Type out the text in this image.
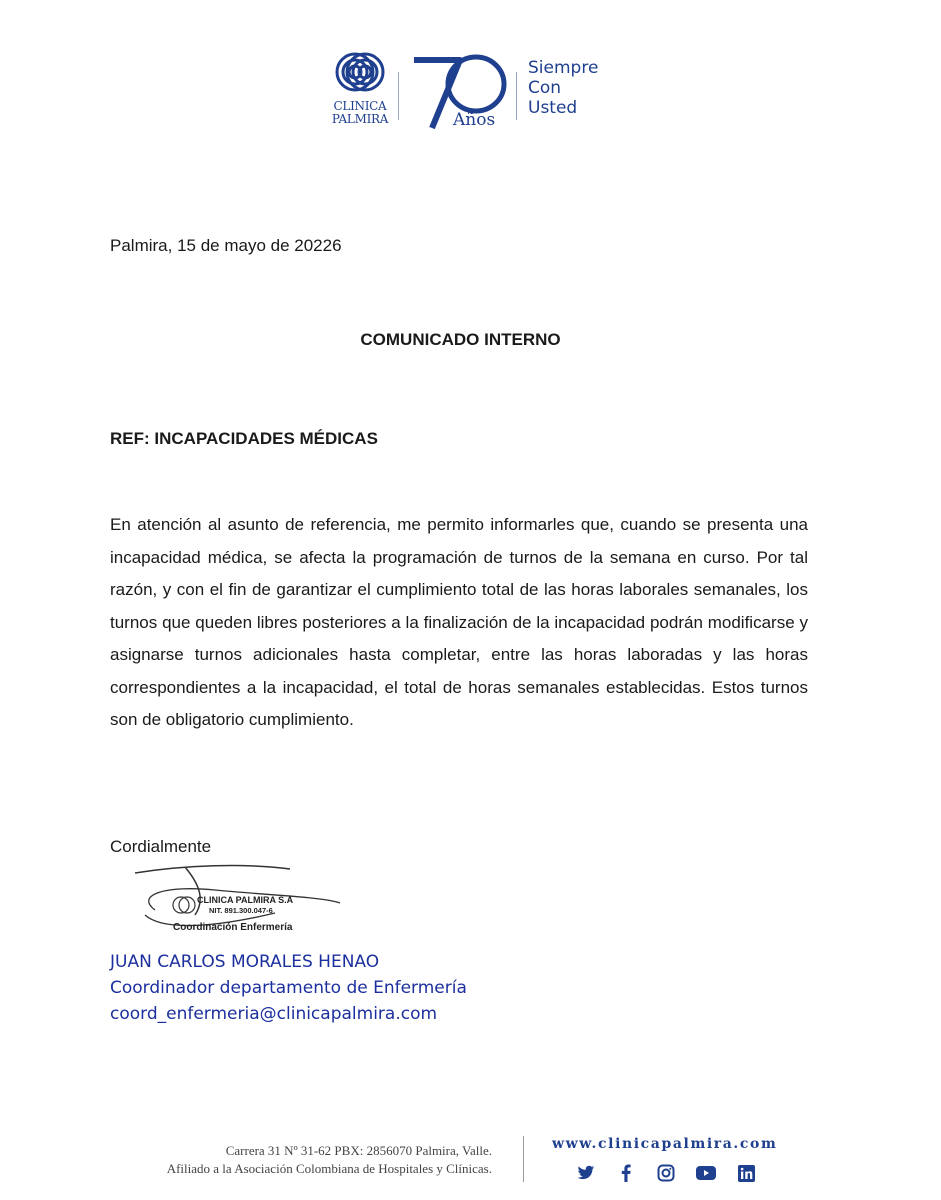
CLINICA
PALMIRA	Años
Siempre
Con
Usted
Palmira, 15 de mayo de 20226
COMUNICADO INTERNO
REF: INCAPACIDADES MÉDICAS

En atención al asunto de referencia, me permito informarles que, cuando se presenta una incapacidad médica, se afecta la programación de turnos de la semana en curso. Por tal razón, y con el fin de garantizar el cumplimiento total de las horas laborales semanales, los turnos que queden libres posteriores a la finalización de la incapacidad podrán modificarse y asignarse turnos adicionales hasta completar, entre las horas laboradas y las horas correspondientes a la incapacidad, el total de horas semanales establecidas. Estos turnos son de obligatorio cumplimiento.

Cordialmente
CLINICA PALMIRA S.A
NIT. 891.300.047-6
Coordinación Enfermería
JUAN CARLOS MORALES HENAO
Coordinador departamento de Enfermería
coord_enfermeria@clinicapalmira.com
Carrera 31 Nº 31-62 PBX: 2856070 Palmira, Valle.
Afiliado a la Asociación Colombiana de Hospitales y Clínicas.
www.clinicapalmira.com
